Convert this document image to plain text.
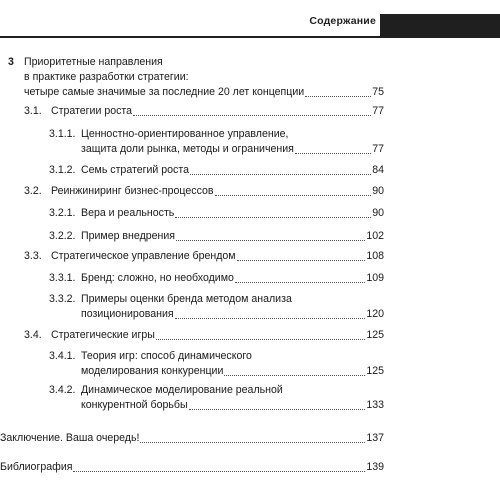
Содержание
3 Приоритетные направления
в практике разработки стратегии:
четыре самые значимые за последние 20 лет концепции	75
3.1. Стратегии роста	77
3.1.1. Ценностно-ориентированное управление,
защита доли рынка, методы и ограничения	77
3.1.2. Семь стратегий роста	84
3.2. Реинжиниринг бизнес-процессов	90
3.2.1. Вера и реальность	90
3.2.2. Пример внедрения	102
3.3. Стратегическое управление брендом	108
3.3.1. Бренд: сложно, но необходимо	109
3.3.2. Примеры оценки бренда методом анализа
позиционирования	120
3.4. Стратегические игры	125
3.4.1. Теория игр: способ динамического
моделирования конкуренции	125
3.4.2. Динамическое моделирование реальной
конкурентной борьбы	133
Заключение. Ваша очередь!	137
Библиография	139
